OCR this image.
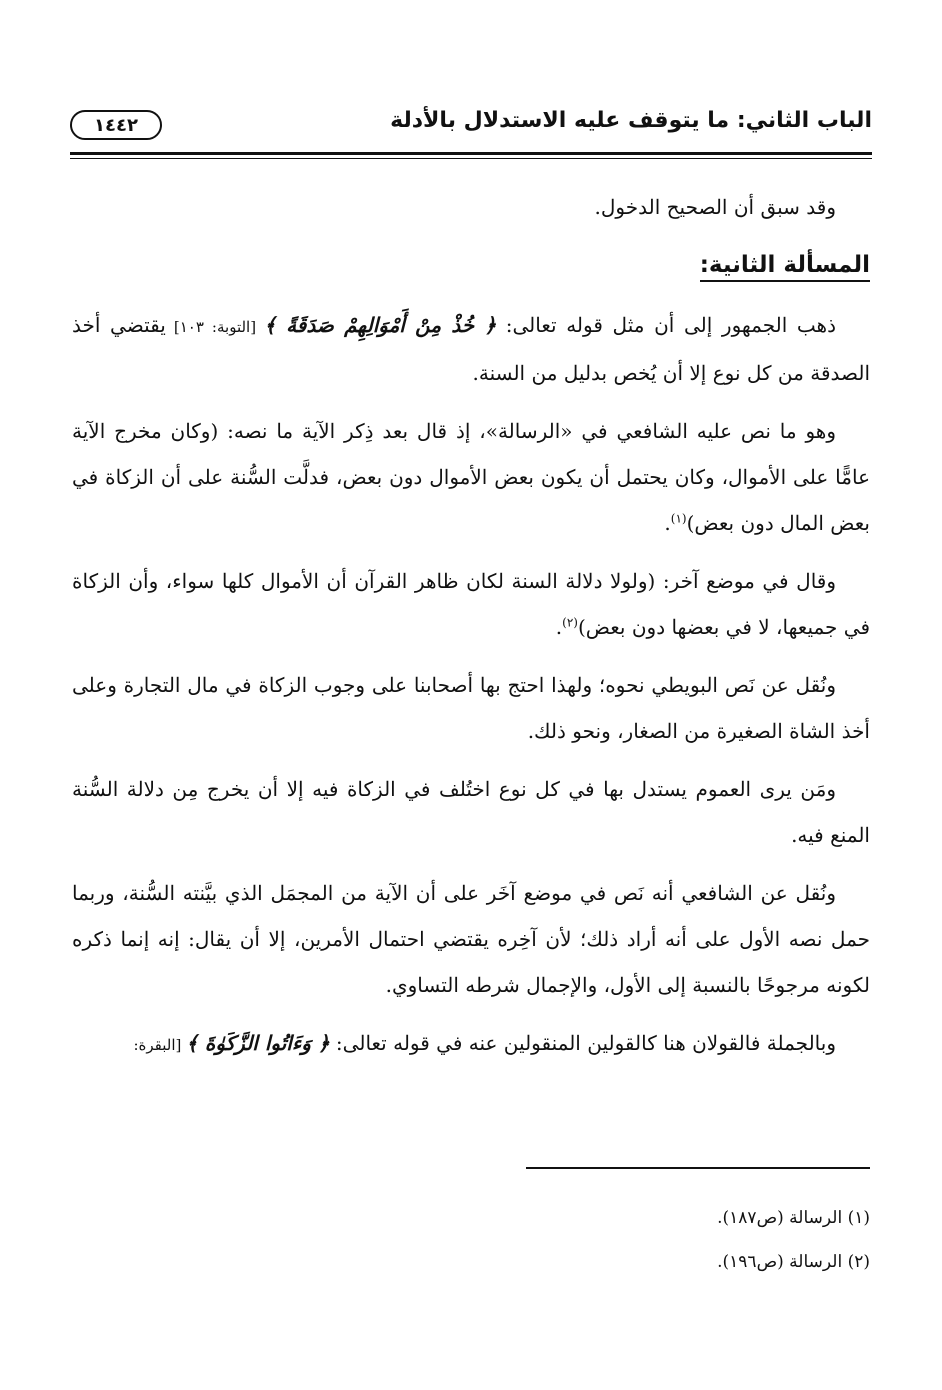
الباب الثاني: ما يتوقف عليه الاستدلال بالأدلة
١٤٤٢

وقد سبق أن الصحيح الدخول.

المسألة الثانية:

ذهب الجمهور إلى أن مثل قوله تعالى: ﴿ خُذْ مِنْ أَمْوَالِهِمْ صَدَقَةً ﴾ [التوبة: ١٠٣] يقتضي أخذ الصدقة من كل نوع إلا أن يُخص بدليل من السنة.

وهو ما نص عليه الشافعي في «الرسالة»، إذ قال بعد ذِكر الآية ما نصه: (وكان مخرج الآية عامًّا على الأموال، وكان يحتمل أن يكون بعض الأموال دون بعض، فدلَّت السُّنة على أن الزكاة في بعض المال دون بعض)$^{(١)}$.

وقال في موضع آخر: (ولولا دلالة السنة لكان ظاهر القرآن أن الأموال كلها سواء، وأن الزكاة في جميعها، لا في بعضها دون بعض)$^{(٢)}$.

ونُقل عن نَص البويطي نحوه؛ ولهذا احتج بها أصحابنا على وجوب الزكاة في مال التجارة وعلى أخذ الشاة الصغيرة من الصغار، ونحو ذلك.

ومَن يرى العموم يستدل بها في كل نوع اختُلف في الزكاة فيه إلا أن يخرج مِن دلالة السُّنة المنع فيه.

ونُقل عن الشافعي أنه نَص في موضع آخَر على أن الآية من المجمَل الذي بيَّنته السُّنة، وربما حمل نصه الأول على أنه أراد ذلك؛ لأن آخِره يقتضي احتمال الأمرين، إلا أن يقال: إنه إنما ذكره لكونه مرجوحًا بالنسبة إلى الأول، والإجمال شرطه التساوي.

وبالجملة فالقولان هنا كالقولين المنقولين عنه في قوله تعالى: ﴿ وَءَاتُوا الزَّكَوٰةَ ﴾ [البقرة:

(١) الرسالة (ص١٨٧).
(٢) الرسالة (ص١٩٦).
